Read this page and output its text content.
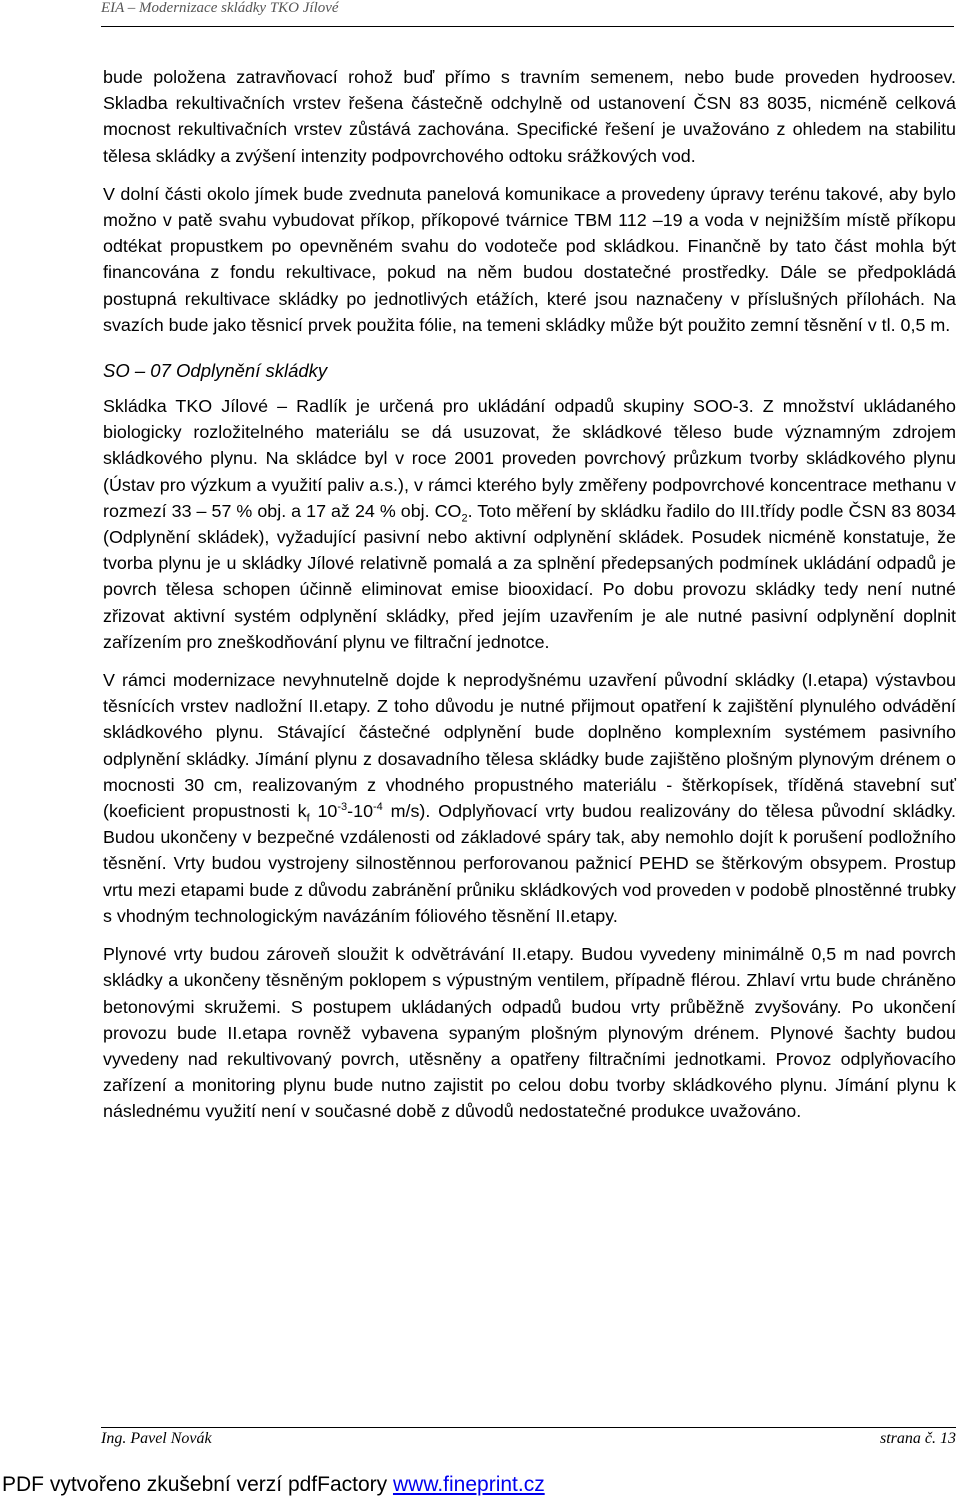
EIA – Modernizace skládky TKO Jílové

bude položena zatravňovací rohož buď přímo s travním semenem, nebo bude proveden hydroosev. Skladba rekultivačních vrstev řešena částečně odchylně od ustanovení ČSN 83 8035, nicméně celková mocnost rekultivačních vrstev zůstává zachována. Specifické řešení je uvažováno z ohledem na stabilitu tělesa skládky a zvýšení intenzity podpovrchového odtoku srážkových vod.

V dolní části okolo jímek bude zvednuta panelová komunikace a provedeny úpravy terénu takové, aby bylo možno v patě svahu vybudovat příkop, příkopové tvárnice TBM 112 –19 a voda v nejnižším místě příkopu odtékat propustkem po opevněném svahu do vodoteče pod skládkou. Finančně by tato část mohla být financována z fondu rekultivace, pokud na něm budou dostatečné prostředky. Dále se předpokládá postupná rekultivace skládky po jednotlivých etážích, které jsou naznačeny v příslušných přílohách. Na svazích bude jako těsnicí prvek použita fólie, na temeni skládky může být použito zemní těsnění v tl. 0,5 m.

SO – 07 Odplynění skládky

Skládka TKO Jílové – Radlík je určená pro ukládání odpadů skupiny SOO-3. Z množství ukládaného biologicky rozložitelného materiálu se dá usuzovat, že skládkové těleso bude významným zdrojem skládkového plynu. Na skládce byl v roce 2001 proveden povrchový průzkum tvorby skládkového plynu (Ústav pro výzkum a využití paliv a.s.), v rámci kterého byly změřeny podpovrchové koncentrace methanu v rozmezí 33 – 57 % obj. a 17 až 24 % obj. $CO_2$. Toto měření by skládku řadilo do III.třídy podle ČSN 83 8034 (Odplynění skládek), vyžadující pasivní nebo aktivní odplynění skládek. Posudek nicméně konstatuje, že tvorba plynu je u skládky Jílové relativně pomalá a za splnění předepsaných podmínek ukládání odpadů je povrch tělesa schopen účinně eliminovat emise biooxidací. Po dobu provozu skládky tedy není nutné zřizovat aktivní systém odplynění skládky, před jejím uzavřením je ale nutné pasivní odplynění doplnit zařízením pro zneškodňování plynu ve filtrační jednotce.

V rámci modernizace nevyhnutelně dojde k neprodyšnému uzavření původní skládky (I.etapa) výstavbou těsnících vrstev nadložní II.etapy. Z toho důvodu je nutné přijmout opatření k zajištění plynulého odvádění skládkového plynu. Stávající částečné odplynění bude doplněno komplexním systémem pasivního odplynění skládky. Jímání plynu z dosavadního tělesa skládky bude zajištěno plošným plynovým drénem o mocnosti 30 cm, realizovaným z vhodného propustného materiálu - štěrkopísek, tříděná stavební suť (koeficient propustnosti $k_f$ $10^{-3}-10^{-4}$ m/s). Odplyňovací vrty budou realizovány do tělesa původní skládky. Budou ukončeny v bezpečné vzdálenosti od základové spáry tak, aby nemohlo dojít k porušení podložního těsnění. Vrty budou vystrojeny silnostěnnou perforovanou pažnicí PEHD se štěrkovým obsypem. Prostup vrtu mezi etapami bude z důvodu zabránění průniku skládkových vod proveden v podobě plnostěnné trubky s vhodným technologickým navázáním fóliového těsnění II.etapy.

Plynové vrty budou zároveň sloužit k odvětrávání II.etapy. Budou vyvedeny minimálně 0,5 m nad povrch skládky a ukončeny těsněným poklopem s výpustným ventilem, případně flérou. Zhlaví vrtu bude chráněno betonovými skružemi. S postupem ukládaných odpadů budou vrty průběžně zvyšovány. Po ukončení provozu bude II.etapa rovněž vybavena sypaným plošným plynovým drénem. Plynové šachty budou vyvedeny nad rekultivovaný povrch, utěsněny a opatřeny filtračními jednotkami. Provoz odplyňovacího zařízení a monitoring plynu bude nutno zajistit po celou dobu tvorby skládkového plynu. Jímání plynu k následnému využití není v současné době z důvodů nedostatečné produkce uvažováno.

Ing. Pavel Novák	strana č. 13
PDF vytvořeno zkušební verzí pdfFactory www.fineprint.cz
